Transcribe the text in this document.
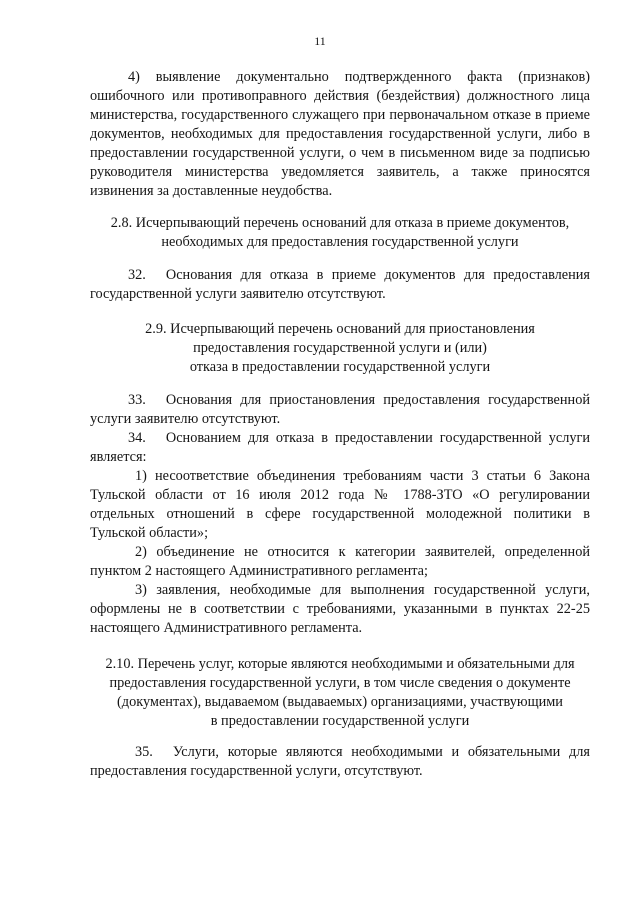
11

4) выявление документально подтвержденного факта (признаков) ошибочного или противоправного действия (бездействия) должностного лица министерства, государственного служащего при первоначальном отказе в приеме документов, необходимых для предоставления государственной услуги, либо в предоставлении государственной услуги, о чем в письменном виде за подписью руководителя министерства уведомляется заявитель, а также приносятся извинения за доставленные неудобства.

2.8. Исчерпывающий перечень оснований для отказа в приеме документов,
необходимых для предоставления государственной услуги

32. Основания для отказа в приеме документов для предоставления государственной услуги заявителю отсутствуют.

2.9. Исчерпывающий перечень оснований для приостановления
предоставления государственной услуги и (или)
отказа в предоставлении государственной услуги

33. Основания для приостановления предоставления государственной услуги заявителю отсутствуют.

34. Основанием для отказа в предоставлении государственной услуги является:

1) несоответствие объединения требованиям части 3 статьи 6 Закона Тульской области от 16 июля 2012 года № 1788-ЗТО «О регулировании отдельных отношений в сфере государственной молодежной политики в Тульской области»;

2) объединение не относится к категории заявителей, определенной пунктом 2 настоящего Административного регламента;

3) заявления, необходимые для выполнения государственной услуги, оформлены не в соответствии с требованиями, указанными в пунктах 22-25 настоящего Административного регламента.

2.10. Перечень услуг, которые являются необходимыми и обязательными для
предоставления государственной услуги, в том числе сведения о документе
(документах), выдаваемом (выдаваемых) организациями, участвующими
в предоставлении государственной услуги

35. Услуги, которые являются необходимыми и обязательными для предоставления государственной услуги, отсутствуют.
